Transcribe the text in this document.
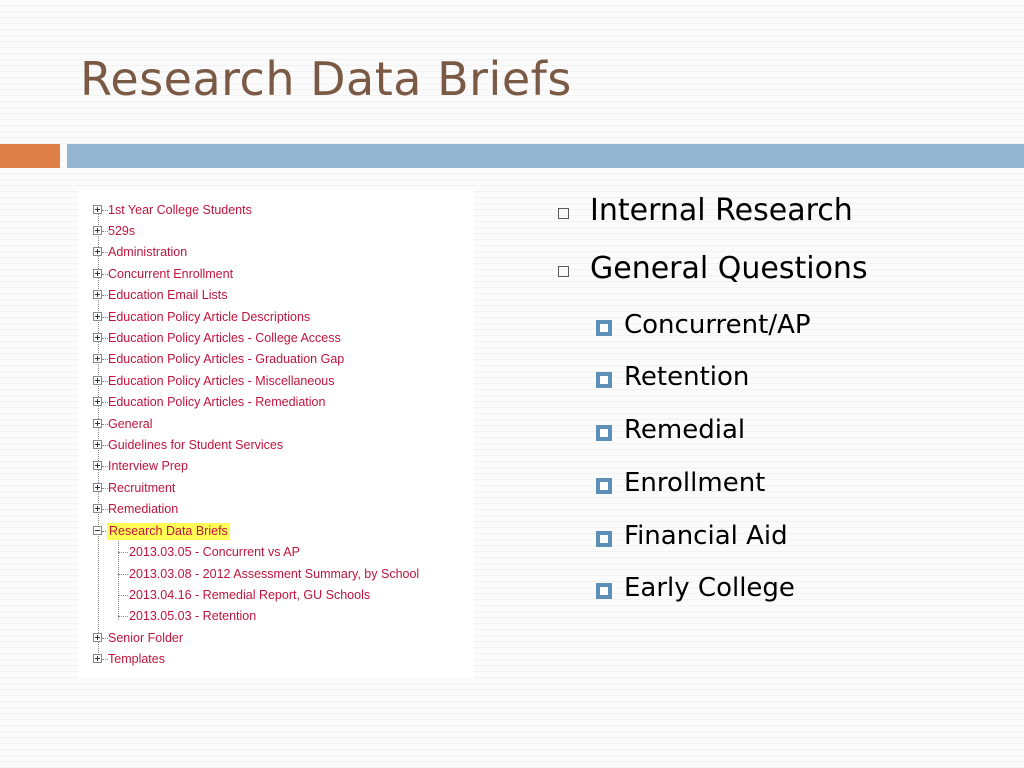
Research Data Briefs
1st Year College Students
529s
Administration
Concurrent Enrollment
Education Email Lists
Education Policy Article Descriptions
Education Policy Articles - College Access
Education Policy Articles - Graduation Gap
Education Policy Articles - Miscellaneous
Education Policy Articles - Remediation
General
Guidelines for Student Services
Interview Prep
Recruitment
Remediation
Research Data Briefs
2013.03.05 - Concurrent vs AP
2013.03.08 - 2012 Assessment Summary, by School
2013.04.16 - Remedial Report, GU Schools
2013.05.03 - Retention
Senior Folder
Templates
Internal Research
General Questions
Concurrent/AP
Retention
Remedial
Enrollment
Financial Aid
Early College
